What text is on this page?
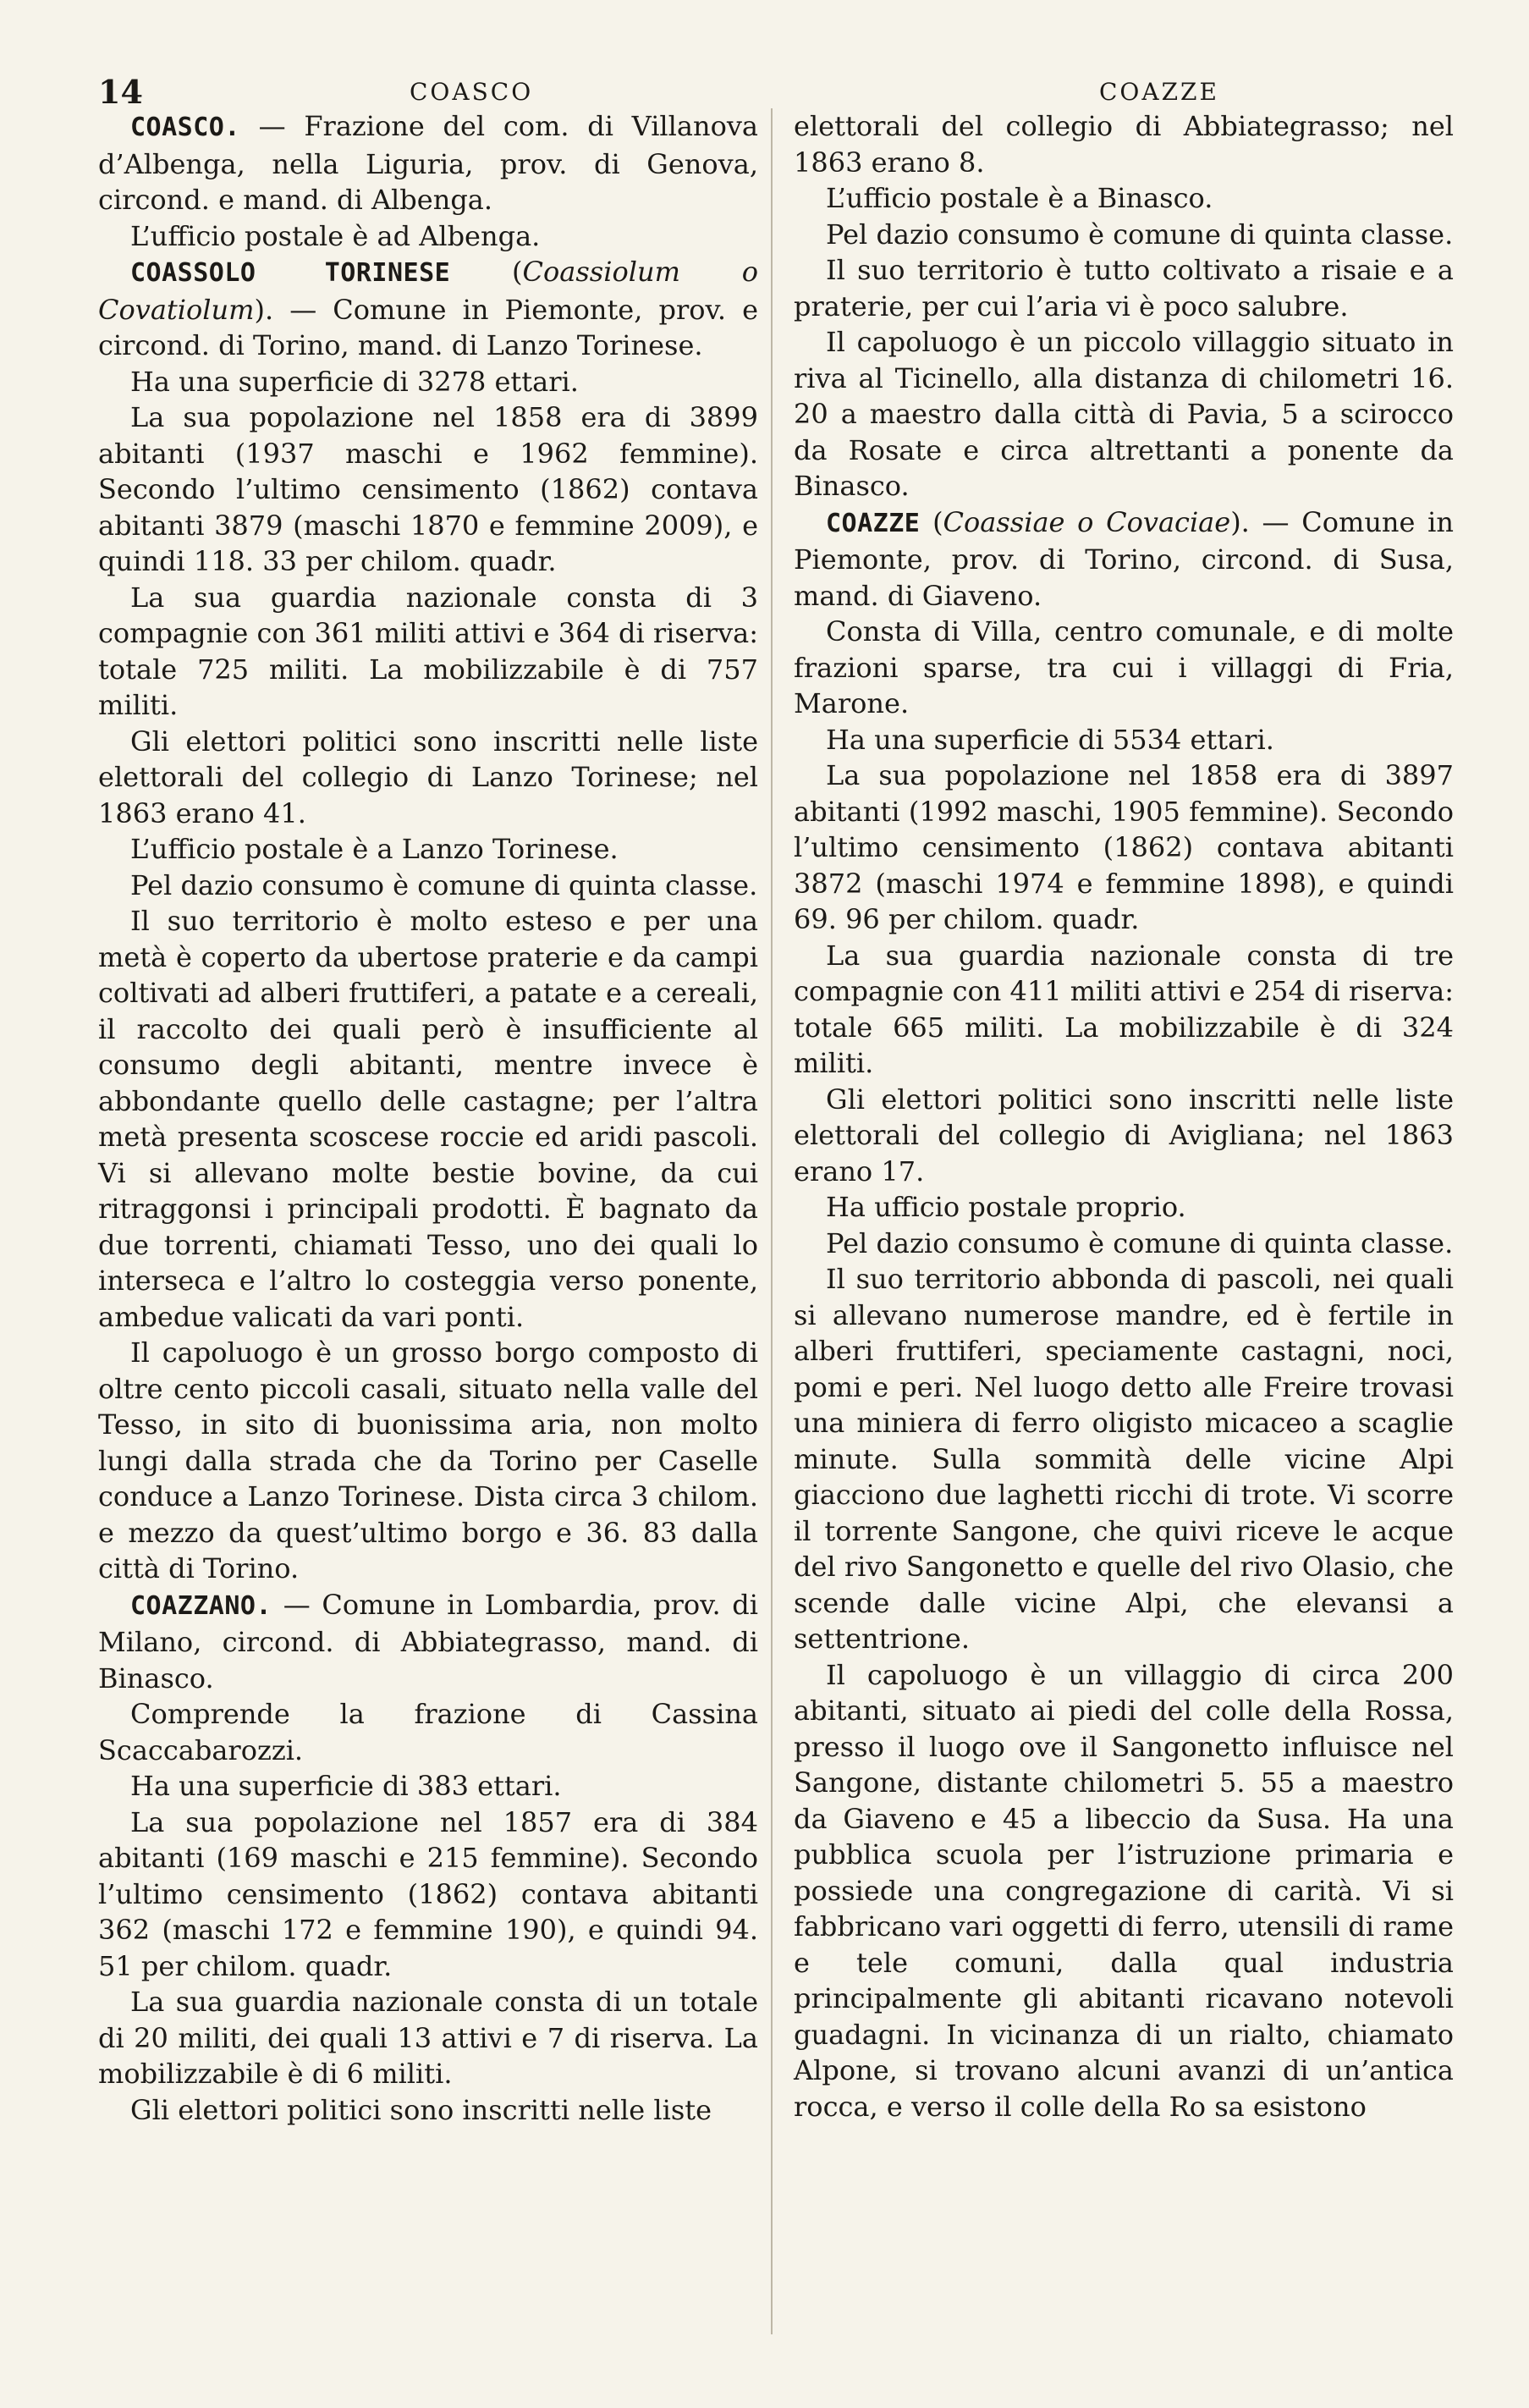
14	COASCO	COAZZE

COASCO. — Frazione del com. di Villanova d’Albenga, nella Liguria, prov. di Genova, circond. e mand. di Albenga.

L’ufficio postale è ad Albenga.

COASSOLO TORINESE (Coassiolum o Covatiolum). — Comune in Piemonte, prov. e circond. di Torino, mand. di Lanzo Torinese.

Ha una superficie di 3278 ettari.

La sua popolazione nel 1858 era di 3899 abitanti (1937 maschi e 1962 femmine). Secondo l’ultimo censimento (1862) contava abitanti 3879 (maschi 1870 e femmine 2009), e quindi 118. 33 per chilom. quadr.

La sua guardia nazionale consta di 3 compagnie con 361 militi attivi e 364 di riserva: totale 725 militi. La mobilizzabile è di 757 militi.

Gli elettori politici sono inscritti nelle liste elettorali del collegio di Lanzo Torinese; nel 1863 erano 41.

L’ufficio postale è a Lanzo Torinese.

Pel dazio consumo è comune di quinta classe.

Il suo territorio è molto esteso e per una metà è coperto da ubertose praterie e da campi coltivati ad alberi fruttiferi, a patate e a cereali, il raccolto dei quali però è insufficiente al consumo degli abitanti, mentre invece è abbondante quello delle castagne; per l’altra metà presenta scoscese roccie ed aridi pascoli. Vi si allevano molte bestie bovine, da cui ritraggonsi i principali prodotti. È bagnato da due torrenti, chiamati Tesso, uno dei quali lo interseca e l’altro lo costeggia verso ponente, ambedue valicati da vari ponti.

Il capoluogo è un grosso borgo composto di oltre cento piccoli casali, situato nella valle del Tesso, in sito di buonissima aria, non molto lungi dalla strada che da Torino per Caselle conduce a Lanzo Torinese. Dista circa 3 chilom. e mezzo da quest’ultimo borgo e 36. 83 dalla città di Torino.

COAZZANO. — Comune in Lombardia, prov. di Milano, circond. di Abbiategrasso, mand. di Binasco.

Comprende la frazione di Cassina Scaccabarozzi.

Ha una superficie di 383 ettari.

La sua popolazione nel 1857 era di 384 abitanti (169 maschi e 215 femmine). Secondo l’ultimo censimento (1862) contava abitanti 362 (maschi 172 e femmine 190), e quindi 94. 51 per chilom. quadr.

La sua guardia nazionale consta di un totale di 20 militi, dei quali 13 attivi e 7 di riserva. La mobilizzabile è di 6 militi.

Gli elettori politici sono inscritti nelle liste

elettorali del collegio di Abbiategrasso; nel 1863 erano 8.

L’ufficio postale è a Binasco.

Pel dazio consumo è comune di quinta classe.

Il suo territorio è tutto coltivato a risaie e a praterie, per cui l’aria vi è poco salubre.

Il capoluogo è un piccolo villaggio situato in riva al Ticinello, alla distanza di chilometri 16. 20 a maestro dalla città di Pavia, 5 a scirocco da Rosate e circa altrettanti a ponente da Binasco.

COAZZE (Coassiae o Covaciae). — Comune in Piemonte, prov. di Torino, circond. di Susa, mand. di Giaveno.

Consta di Villa, centro comunale, e di molte frazioni sparse, tra cui i villaggi di Fria, Marone.

Ha una superficie di 5534 ettari.

La sua popolazione nel 1858 era di 3897 abitanti (1992 maschi, 1905 femmine). Secondo l’ultimo censimento (1862) contava abitanti 3872 (maschi 1974 e femmine 1898), e quindi 69. 96 per chilom. quadr.

La sua guardia nazionale consta di tre compagnie con 411 militi attivi e 254 di riserva: totale 665 militi. La mobilizzabile è di 324 militi.

Gli elettori politici sono inscritti nelle liste elettorali del collegio di Avigliana; nel 1863 erano 17.

Ha ufficio postale proprio.

Pel dazio consumo è comune di quinta classe.

Il suo territorio abbonda di pascoli, nei quali si allevano numerose mandre, ed è fertile in alberi fruttiferi, speciamente castagni, noci, pomi e peri. Nel luogo detto alle Freire trovasi una miniera di ferro oligisto micaceo a scaglie minute. Sulla sommità delle vicine Alpi giacciono due laghetti ricchi di trote. Vi scorre il torrente Sangone, che quivi riceve le acque del rivo Sangonetto e quelle del rivo Olasio, che scende dalle vicine Alpi, che elevansi a settentrione.

Il capoluogo è un villaggio di circa 200 abitanti, situato ai piedi del colle della Rossa, presso il luogo ove il Sangonetto influisce nel Sangone, distante chilometri 5. 55 a maestro da Giaveno e 45 a libeccio da Susa. Ha una pubblica scuola per l’istruzione primaria e possiede una congregazione di carità. Vi si fabbricano vari oggetti di ferro, utensili di rame e tele comuni, dalla qual industria principalmente gli abitanti ricavano notevoli guadagni. In vicinanza di un rialto, chiamato Alpone, si trovano alcuni avanzi di un’antica rocca, e verso il colle della Ro sa esistono
